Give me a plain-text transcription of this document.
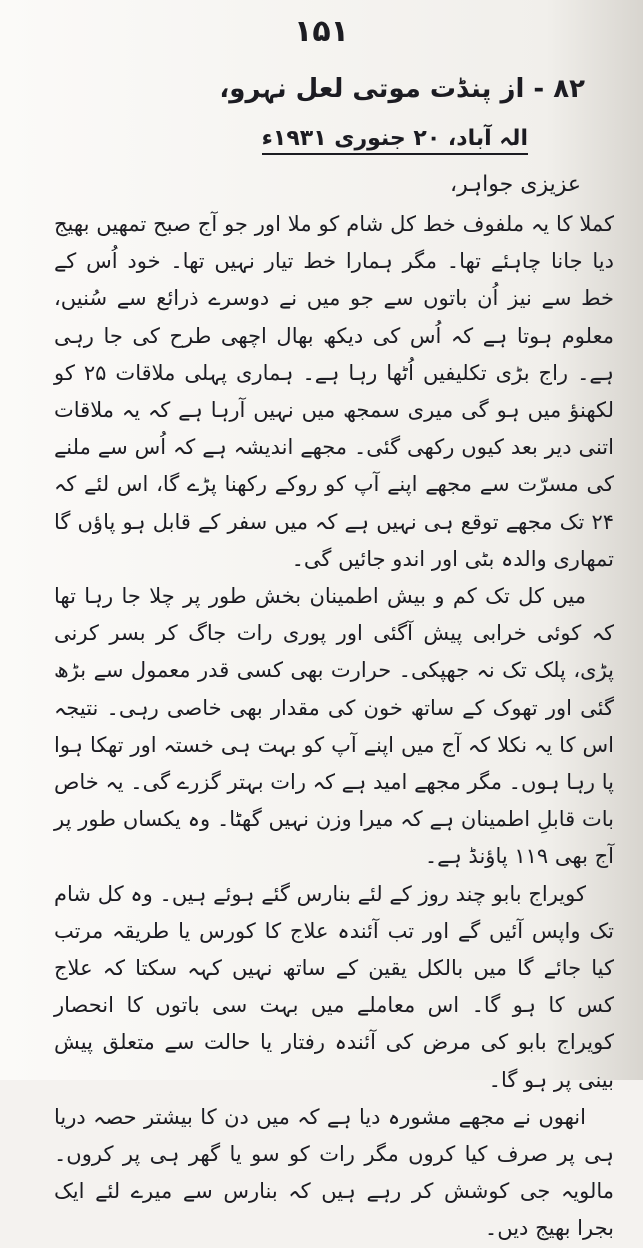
۱۵۱
۸۲ - از پنڈت موتی لعل نہرو،
الہ آباد، ۲۰ جنوری ۱۹۳۱ء
عزیزی جواہر،

کملا کا یہ ملفوف خط کل شام کو ملا اور جو آج صبح تمھیں بھیج دیا جانا چاہئے تھا۔ مگر ہمارا خط تیار نہیں تھا۔ خود اُس کے خط سے نیز اُن باتوں سے جو میں نے دوسرے ذرائع سے سُنیں، معلوم ہوتا ہے کہ اُس کی دیکھ بھال اچھی طرح کی جا رہی ہے۔ راج بڑی تکلیفیں اُٹھا رہا ہے۔ ہماری پہلی ملاقات ۲۵ کو لکھنؤ میں ہو گی میری سمجھ میں نہیں آرہا ہے کہ یہ ملاقات اتنی دیر بعد کیوں رکھی گئی۔ مجھے اندیشہ ہے کہ اُس سے ملنے کی مسرّت سے مجھے اپنے آپ کو روکے رکھنا پڑے گا، اس لئے کہ ۲۴ تک مجھے توقع ہی نہیں ہے کہ میں سفر کے قابل ہو پاؤں گا تمھاری والدہ بٹی اور اندو جائیں گی۔

میں کل تک کم و بیش اطمینان بخش طور پر چلا جا رہا تھا کہ کوئی خرابی پیش آگئی اور پوری رات جاگ کر بسر کرنی پڑی، پلک تک نہ جھپکی۔ حرارت بھی کسی قدر معمول سے بڑھ گئی اور تھوک کے ساتھ خون کی مقدار بھی خاصی رہی۔ نتیجہ اس کا یہ نکلا کہ آج میں اپنے آپ کو بہت ہی خستہ اور تھکا ہوا پا رہا ہوں۔ مگر مجھے امید ہے کہ رات بہتر گزرے گی۔ یہ خاص بات قابلِ اطمینان ہے کہ میرا وزن نہیں گھٹا۔ وہ یکساں طور پر آج بھی ۱۱۹ پاؤنڈ ہے۔

کویراج بابو چند روز کے لئے بنارس گئے ہوئے ہیں۔ وہ کل شام تک واپس آئیں گے اور تب آئندہ علاج کا کورس یا طریقہ مرتب کیا جائے گا میں بالکل یقین کے ساتھ نہیں کہہ سکتا کہ علاج کس کا ہو گا۔ اس معاملے میں بہت سی باتوں کا انحصار کویراج بابو کی مرض کی آئندہ رفتار یا حالت سے متعلق پیش بینی پر ہو گا۔

انھوں نے مجھے مشورہ دیا ہے کہ میں دن کا بیشتر حصہ دریا ہی پر صرف کیا کروں مگر رات کو سو یا گھر ہی پر کروں۔ مالویہ جی کوشش کر رہے ہیں کہ بنارس سے میرے لئے ایک بجرا بھیج دیں۔
